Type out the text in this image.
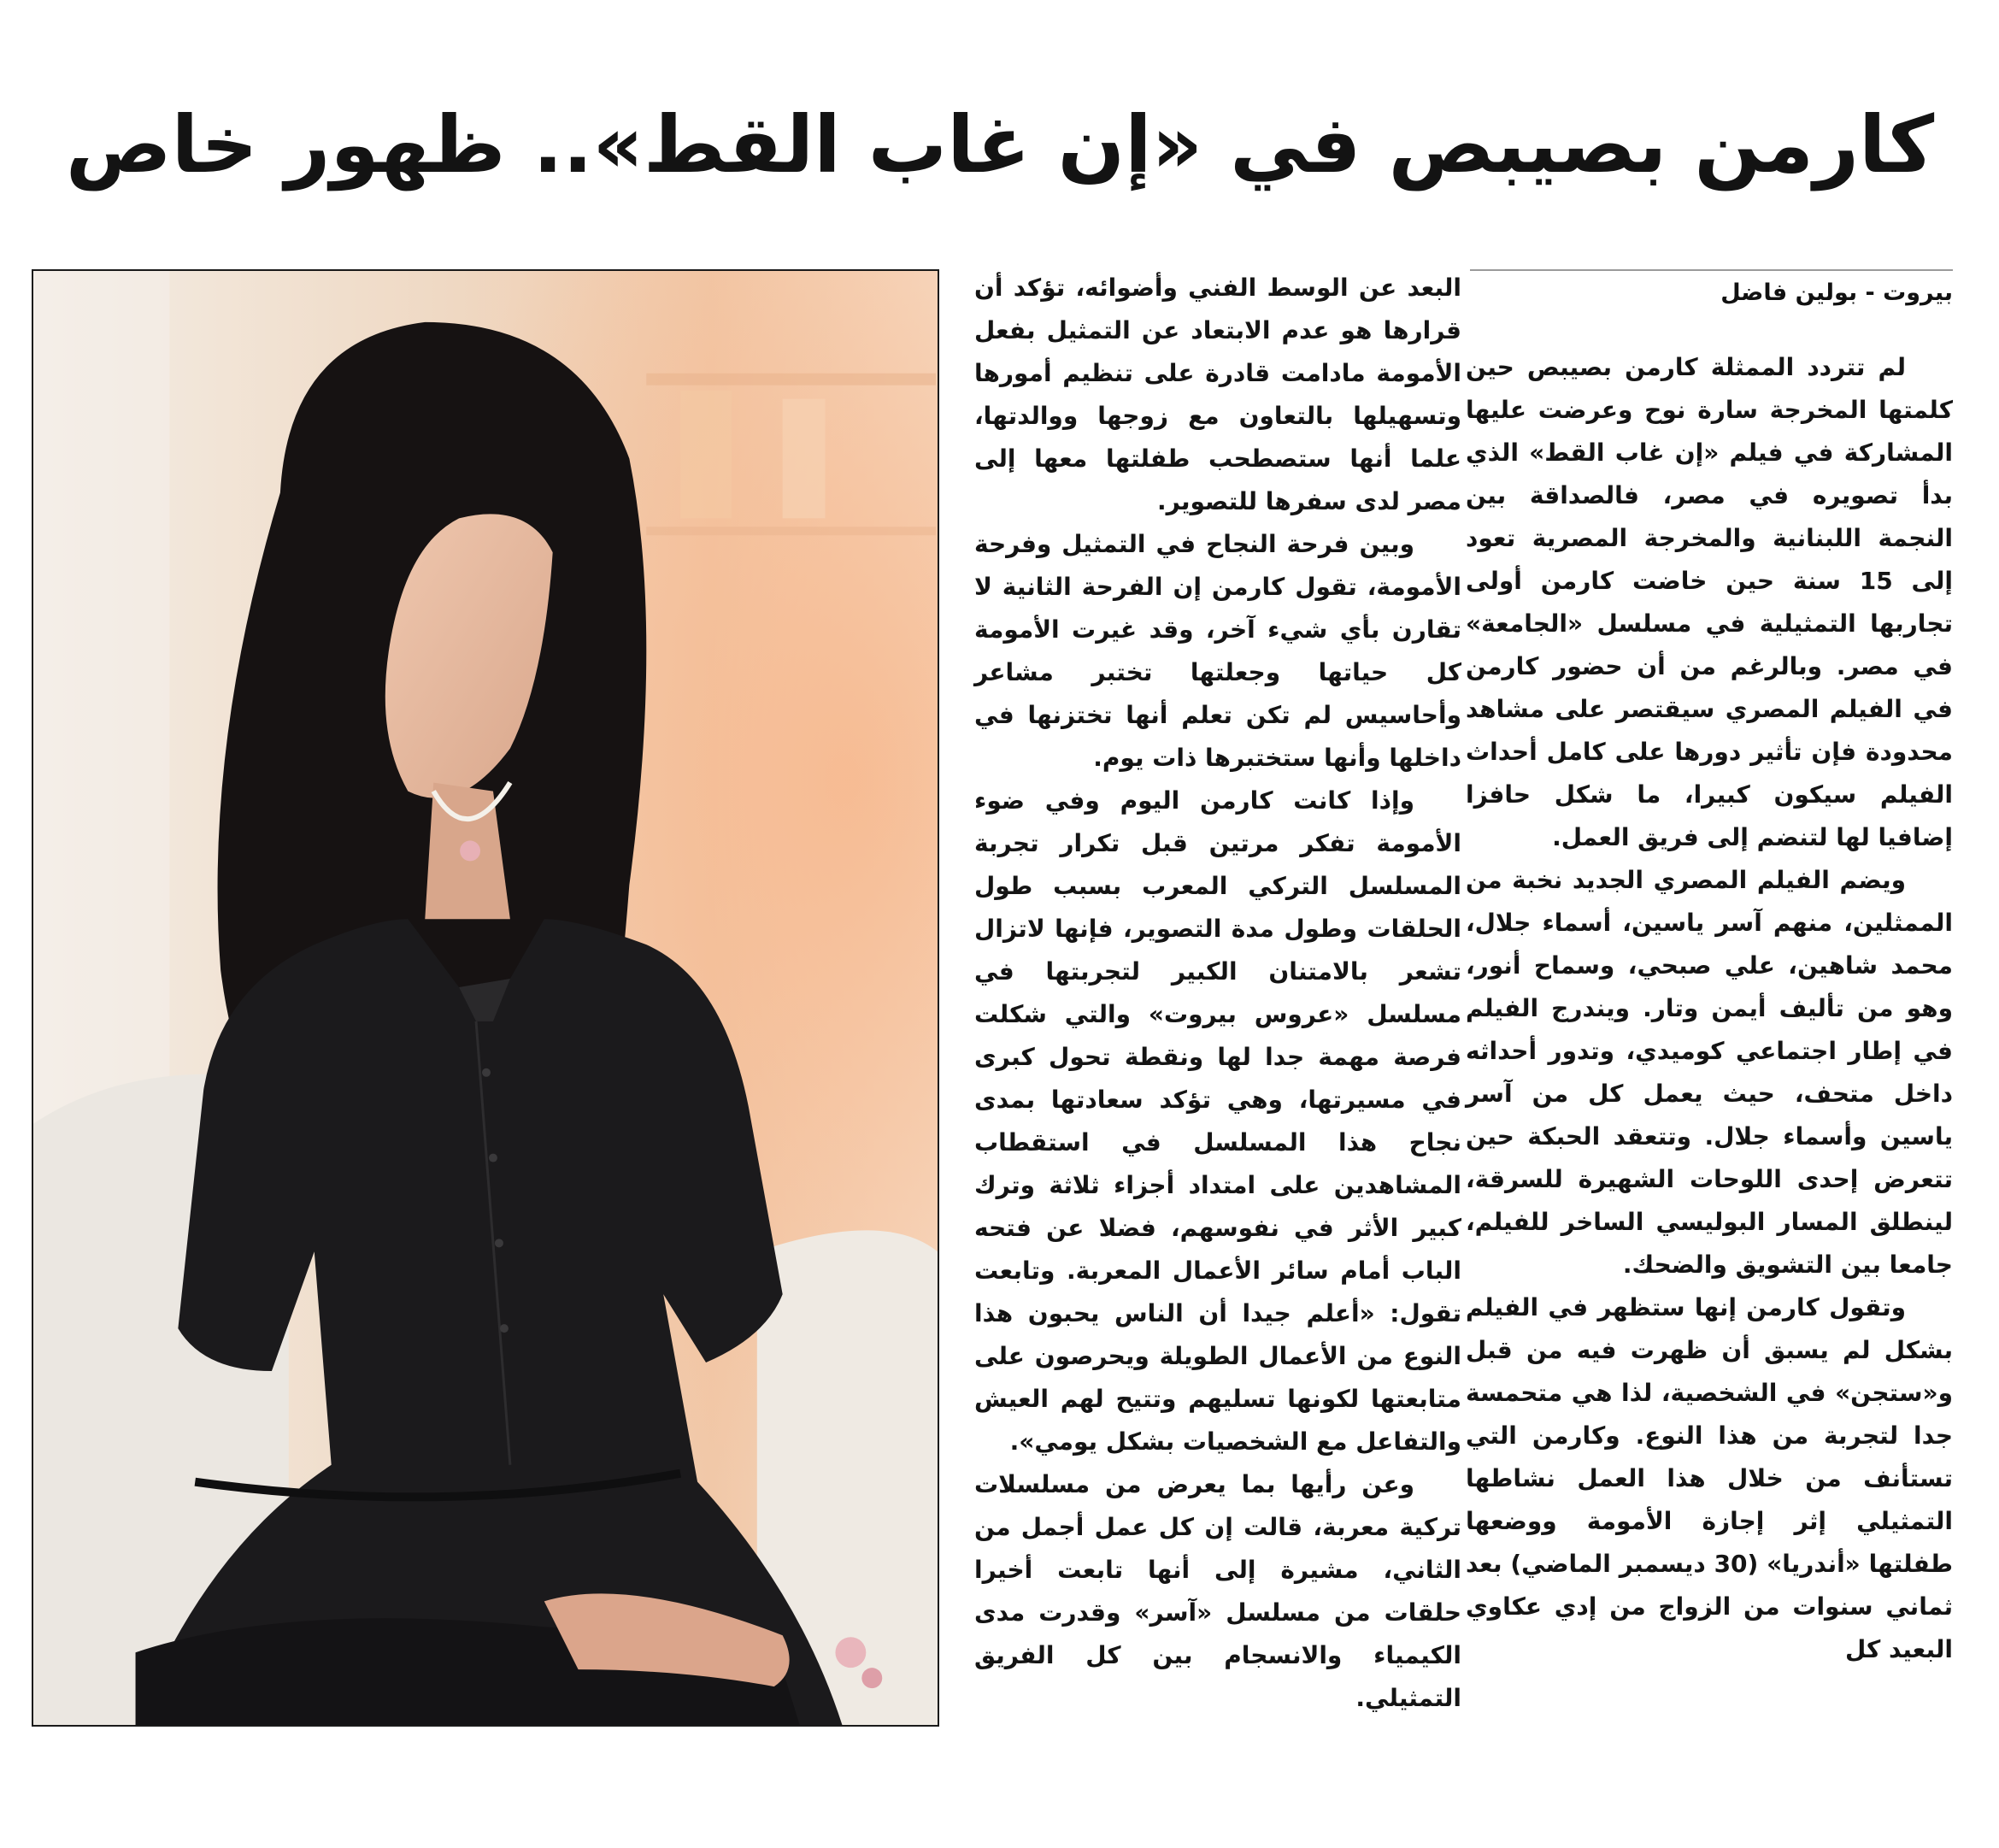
كارمن بصيبص في «إن غاب القط».. ظهور خاص
بيروت - بولين فاضل

لم تتردد الممثلة كارمن بصيبص حين كلمتها المخرجة سارة نوح وعرضت عليها المشاركة في فيلم «إن غاب القط» الذي بدأ تصويره في مصر، فالصداقة بين النجمة اللبنانية والمخرجة المصرية تعود إلى 15 سنة حين خاضت كارمن أولى تجاربها التمثيلية في مسلسل «الجامعة» في مصر. وبالرغم من أن حضور كارمن في الفيلم المصري سيقتصر على مشاهد محدودة فإن تأثير دورها على كامل أحداث الفيلم سيكون كبيرا، ما شكل حافزا إضافيا لها لتنضم إلى فريق العمل.

ويضم الفيلم المصري الجديد نخبة من الممثلين، منهم آسر ياسين، أسماء جلال، محمد شاهين، علي صبحي، وسماح أنور، وهو من تأليف أيمن وتار. ويندرج الفيلم في إطار اجتماعي كوميدي، وتدور أحداثه داخل متحف، حيث يعمل كل من آسر ياسين وأسماء جلال. وتتعقد الحبكة حين تتعرض إحدى اللوحات الشهيرة للسرقة، لينطلق المسار البوليسي الساخر للفيلم، جامعا بين التشويق والضحك.

وتقول كارمن إنها ستظهر في الفيلم بشكل لم يسبق أن ظهرت فيه من قبل و«ستجن» في الشخصية، لذا هي متحمسة جدا لتجربة من هذا النوع. وكارمن التي تستأنف من خلال هذا العمل نشاطها التمثيلي إثر إجازة الأمومة ووضعها طفلتها «أندريا» (30 ديسمبر الماضي) بعد ثماني سنوات من الزواج من إدي عكاوي البعيد كل

البعد عن الوسط الفني وأضوائه، تؤكد أن قرارها هو عدم الابتعاد عن التمثيل بفعل الأمومة مادامت قادرة على تنظيم أمورها وتسهيلها بالتعاون مع زوجها ووالدتها، علما أنها ستصطحب طفلتها معها إلى مصر لدى سفرها للتصوير.

وبين فرحة النجاح في التمثيل وفرحة الأمومة، تقول كارمن إن الفرحة الثانية لا تقارن بأي شيء آخر، وقد غيرت الأمومة كل حياتها وجعلتها تختبر مشاعر وأحاسيس لم تكن تعلم أنها تختزنها في داخلها وأنها ستختبرها ذات يوم.

وإذا كانت كارمن اليوم وفي ضوء الأمومة تفكر مرتين قبل تكرار تجربة المسلسل التركي المعرب بسبب طول الحلقات وطول مدة التصوير، فإنها لاتزال تشعر بالامتنان الكبير لتجربتها في مسلسل «عروس بيروت» والتي شكلت فرصة مهمة جدا لها ونقطة تحول كبرى في مسيرتها، وهي تؤكد سعادتها بمدى نجاح هذا المسلسل في استقطاب المشاهدين على امتداد أجزاء ثلاثة وترك كبير الأثر في نفوسهم، فضلا عن فتحه الباب أمام سائر الأعمال المعربة. وتابعت تقول: «أعلم جيدا أن الناس يحبون هذا النوع من الأعمال الطويلة ويحرصون على متابعتها لكونها تسليهم وتتيح لهم العيش والتفاعل مع الشخصيات بشكل يومي».

وعن رأيها بما يعرض من مسلسلات تركية معربة، قالت إن كل عمل أجمل من الثاني، مشيرة إلى أنها تابعت أخيرا حلقات من مسلسل «آسر» وقدرت مدى الكيمياء والانسجام بين كل الفريق التمثيلي.
